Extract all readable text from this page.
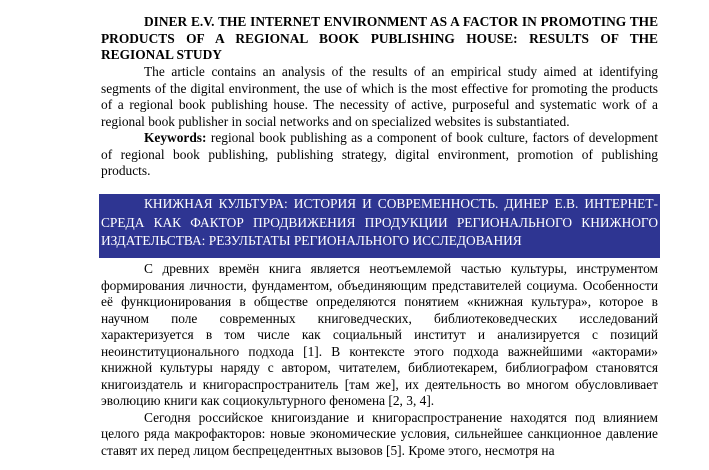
DINER E.V. THE INTERNET ENVIRONMENT AS A FACTOR IN PROMOTING THE PRODUCTS OF A REGIONAL BOOK PUBLISHING HOUSE: RESULTS OF THE REGIONAL STUDY

The article contains an analysis of the results of an empirical study aimed at identifying segments of the digital environment, the use of which is the most effective for promoting the products of a regional book publishing house. The necessity of active, purposeful and systematic work of a regional book publisher in social networks and on specialized websites is substantiated.

Keywords: regional book publishing as a component of book culture, factors of development of regional book publishing, publishing strategy, digital environment, promotion of publishing products.

КНИЖНАЯ КУЛЬТУРА: ИСТОРИЯ И СОВРЕМЕННОСТЬ. ДИНЕР Е.В. ИНТЕРНЕТ-СРЕДА КАК ФАКТОР ПРОДВИЖЕНИЯ ПРОДУКЦИИ РЕГИОНАЛЬНОГО КНИЖНОГО ИЗДАТЕЛЬСТВА: РЕЗУЛЬТАТЫ РЕГИОНАЛЬНОГО ИССЛЕДОВАНИЯ

С древних времён книга является неотъемлемой частью культуры, инструментом формирования личности, фундаментом, объединяющим представителей социума. Особенности её функционирования в обществе определяются понятием «книжная культура», которое в научном поле современных книговедческих, библиотековедческих исследований характеризуется в том числе как социальный институт и анализируется с позиций неоинституционального подхода [1]. В контексте этого подхода важнейшими «акторами» книжной культуры наряду с автором, читателем, библиотекарем, библиографом становятся книгоиздатель и книгораспространитель [там же], их деятельность во многом обусловливает эволюцию книги как социокультурного феномена [2, 3, 4].

Сегодня российское книгоиздание и книгораспространение находятся под влиянием целого ряда макрофакторов: новые экономические условия, сильнейшее санкционное давление ставят их перед лицом беспрецедентных вызовов [5]. Кроме этого, несмотря на
